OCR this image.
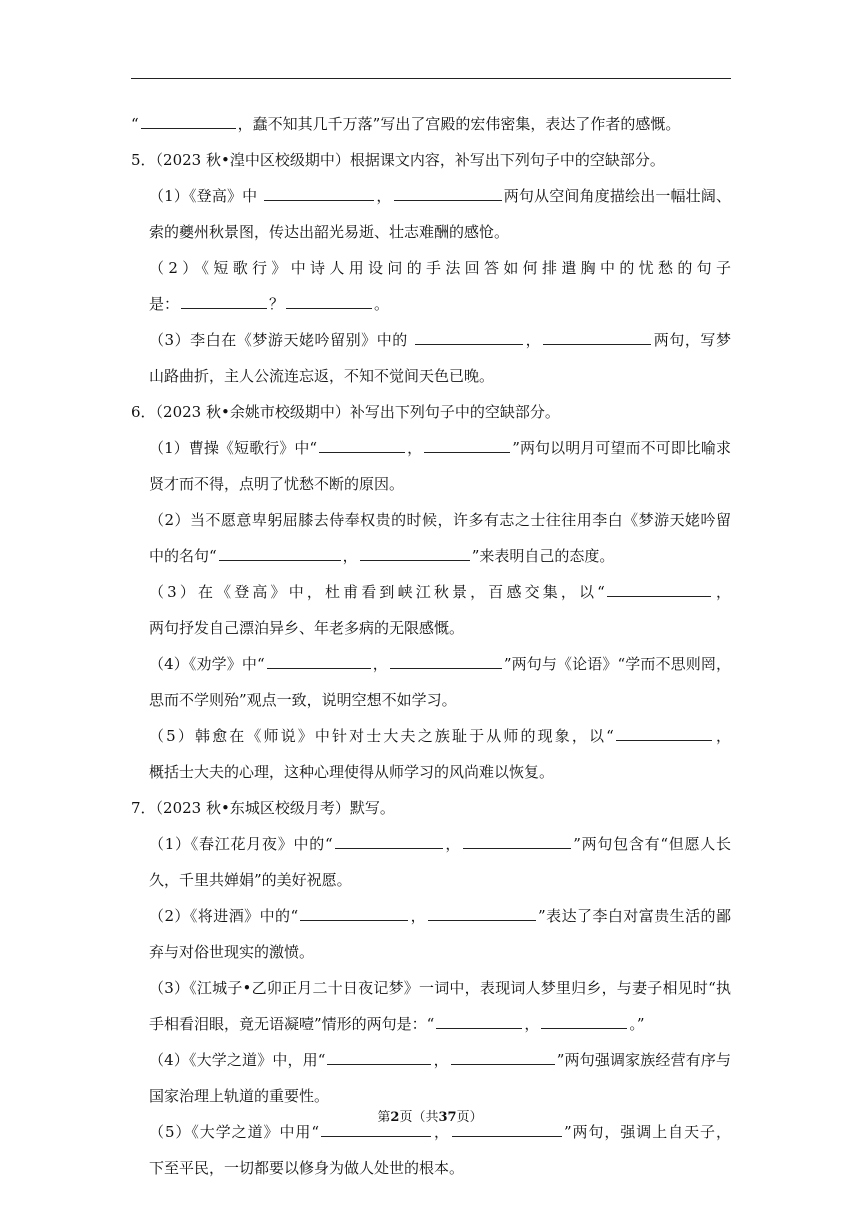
“	，蠢不知其几千万落”写出了宫殿的宏伟密集，表达了作者的感慨。
5．（2023 秋•湟中区校级期中）根据课文内容，补写出下列句子中的空缺部分。
（1）《登高》中	，	两句从空间角度描绘出一幅壮阔、
索的夔州秋景图，传达出韶光易逝、壮志难酬的感怆。
（2）《短歌行》中诗人用设问的手法回答如何排遣胸中的忧愁的句子
是：	？	。
（3）李白在《梦游天姥吟留别》中的	，	两句，写梦
山路曲折，主人公流连忘返，不知不觉间天色已晚。
6．（2023 秋•余姚市校级期中）补写出下列句子中的空缺部分。
（1）曹操《短歌行》中“	，	”两句以明月可望而不可即比喻求
贤才而不得，点明了忧愁不断的原因。
（2）当不愿意卑躬屈膝去侍奉权贵的时候，许多有志之士往往用李白《梦游天姥吟留
中的名句“	，	”来表明自己的态度。
（3）在《登高》中，杜甫看到峡江秋景，百感交集，以“	，
两句抒发自己漂泊异乡、年老多病的无限感慨。
（4）《劝学》中“	，	”两句与《论语》“学而不思则罔，
思而不学则殆”观点一致，说明空想不如学习。
（5）韩愈在《师说》中针对士大夫之族耻于从师的现象，以“	，
概括士大夫的心理，这种心理使得从师学习的风尚难以恢复。
7．（2023 秋•东城区校级月考）默写。
（1）《春江花月夜》中的“	，	”两句包含有“但愿人长
久，千里共婵娟”的美好祝愿。
（2）《将进酒》中的“	，	”表达了李白对富贵生活的鄙
弃与对俗世现实的激愤。
（3）《江城子•乙卯正月二十日夜记梦》一词中，表现词人梦里归乡，与妻子相见时“执
手相看泪眼，竟无语凝噎”情形的两句是：“	，	。”
（4）《大学之道》中，用“	，	”两句强调家族经营有序与
国家治理上轨道的重要性。
（5）《大学之道》中用“	，	”两句，强调上自天子，
下至平民，一切都要以修身为做人处世的根本。
第2页（共37页）
